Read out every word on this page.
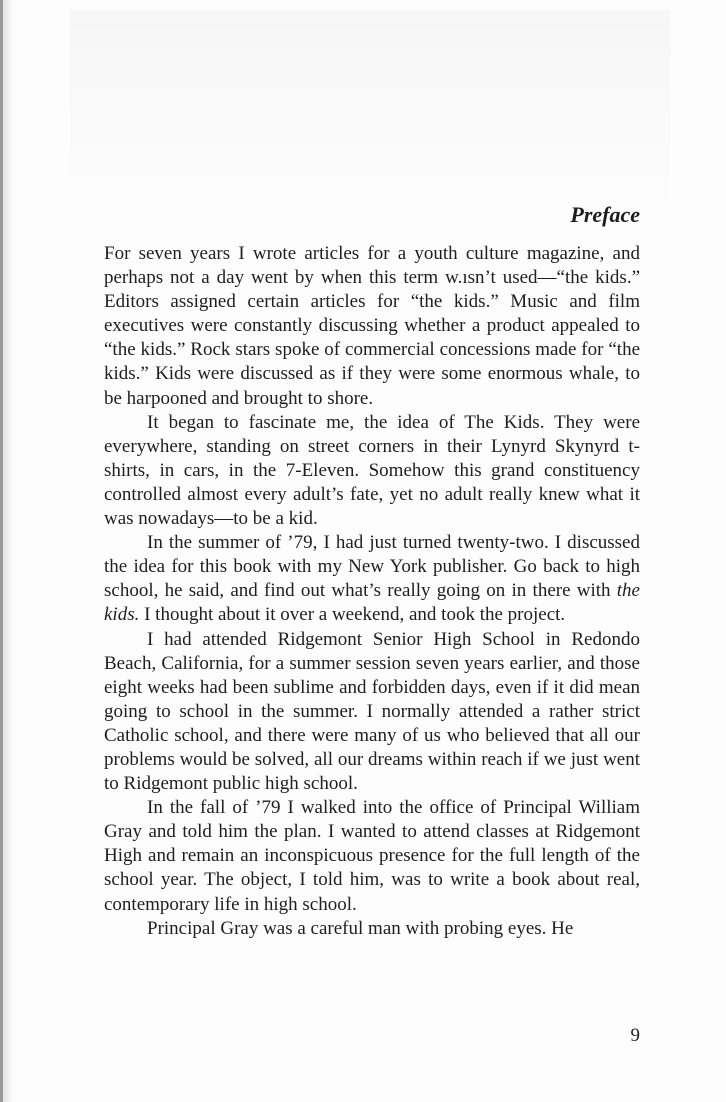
Preface

For seven years I wrote articles for a youth culture magazine, and perhaps not a day went by when this term w.ısn’t used—“the kids.” Editors assigned certain articles for “the kids.” Music and film executives were constantly discussing whether a product appealed to “the kids.” Rock stars spoke of commercial concessions made for “the kids.” Kids were discussed as if they were some enormous whale, to be harpooned and brought to shore.

It began to fascinate me, the idea of The Kids. They were everywhere, standing on street corners in their Lynyrd Skynyrd t-shirts, in cars, in the 7-Eleven. Somehow this grand constituency controlled almost every adult’s fate, yet no adult really knew what it was nowadays—to be a kid.

In the summer of ’79, I had just turned twenty-two. I discussed the idea for this book with my New York publisher. Go back to high school, he said, and find out what’s really going on in there with the kids. I thought about it over a weekend, and took the project.

I had attended Ridgemont Senior High School in Redondo Beach, California, for a summer session seven years earlier, and those eight weeks had been sublime and forbidden days, even if it did mean going to school in the summer. I normally attended a rather strict Catholic school, and there were many of us who believed that all our problems would be solved, all our dreams within reach if we just went to Ridgemont public high school.

In the fall of ’79 I walked into the office of Principal William Gray and told him the plan. I wanted to attend classes at Ridgemont High and remain an inconspicuous presence for the full length of the school year. The object, I told him, was to write a book about real, contemporary life in high school.

Principal Gray was a careful man with probing eyes. He

9
